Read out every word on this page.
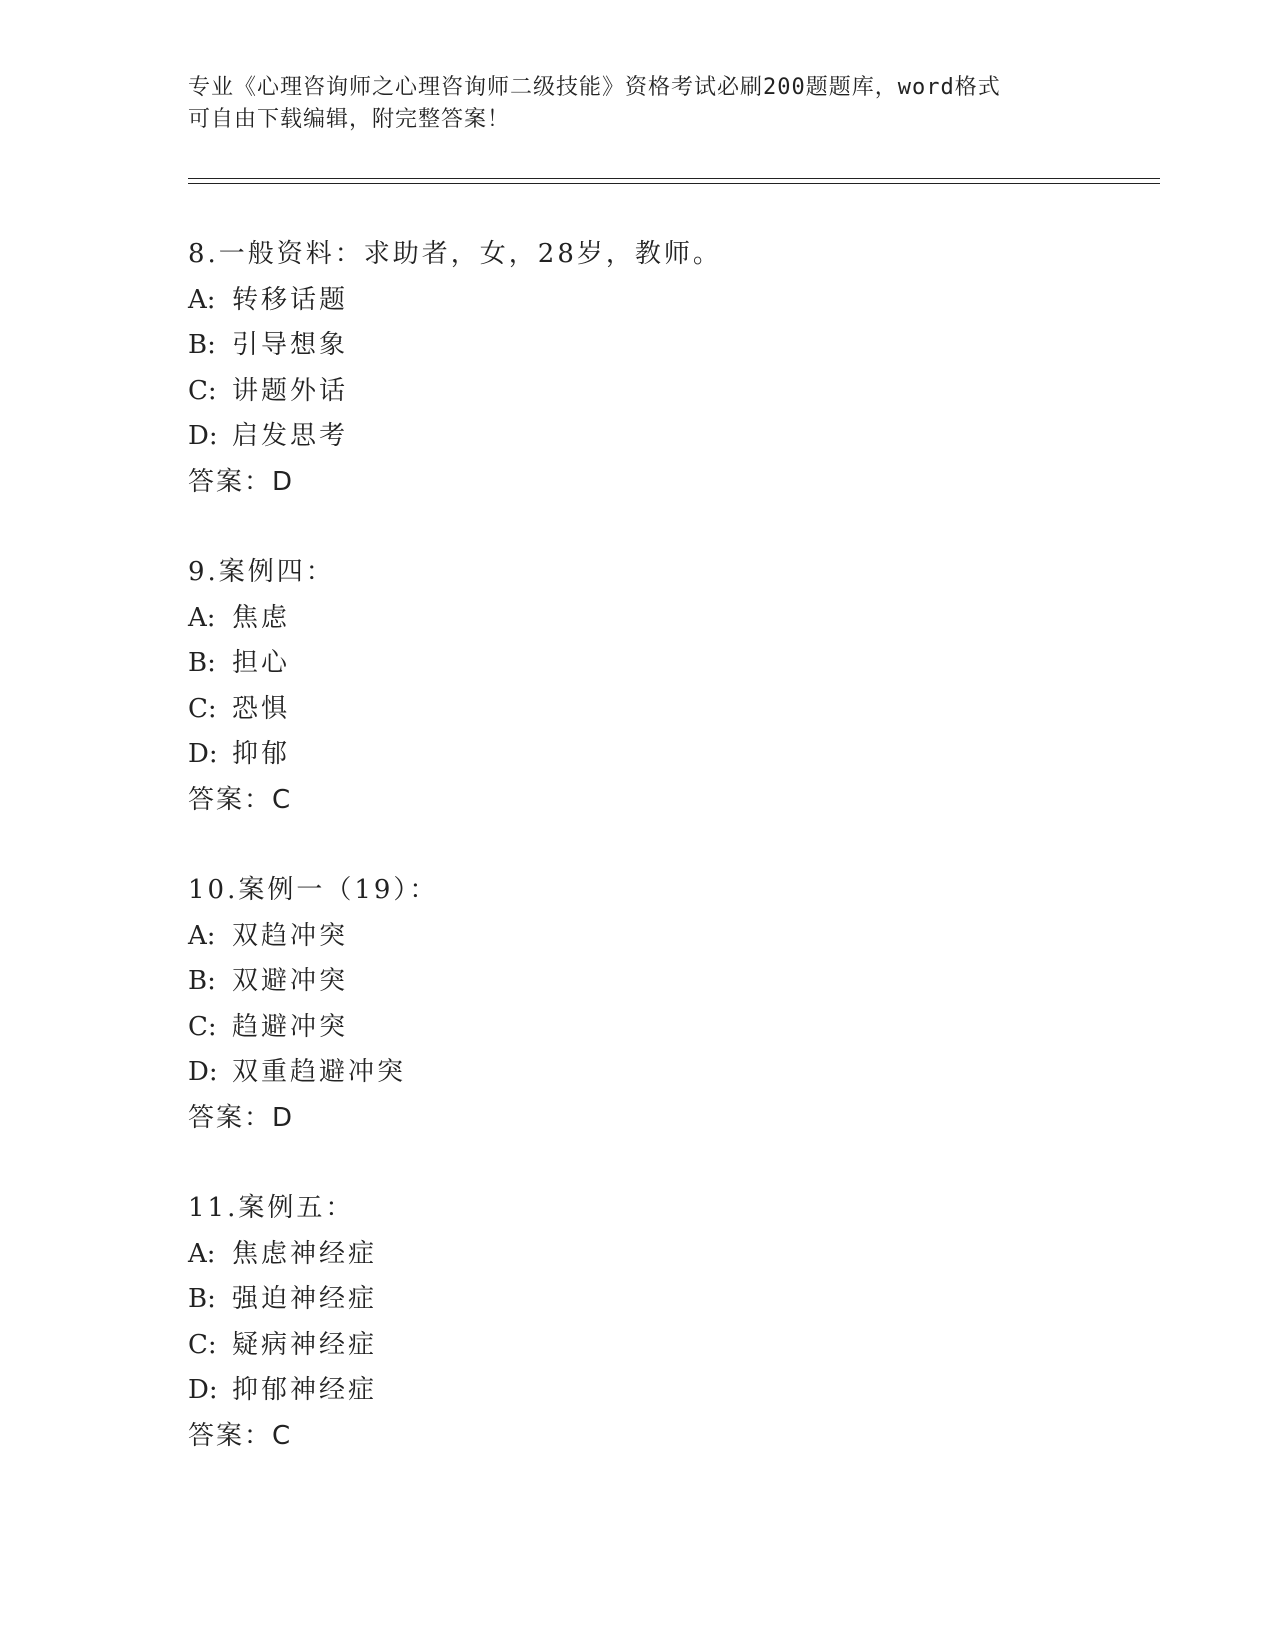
专业《心理咨询师之心理咨询师二级技能》资格考试必刷200题题库，word格式
可自由下载编辑，附完整答案！
8.一般资料：求助者，女，28岁，教师。
A: 转移话题
B: 引导想象
C: 讲题外话
D: 启发思考
答案：D
9.案例四：
A: 焦虑
B: 担心
C: 恐惧
D: 抑郁
答案：C
10.案例一（19）：
A: 双趋冲突
B: 双避冲突
C: 趋避冲突
D: 双重趋避冲突
答案：D
11.案例五：
A: 焦虑神经症
B: 强迫神经症
C: 疑病神经症
D: 抑郁神经症
答案：C
